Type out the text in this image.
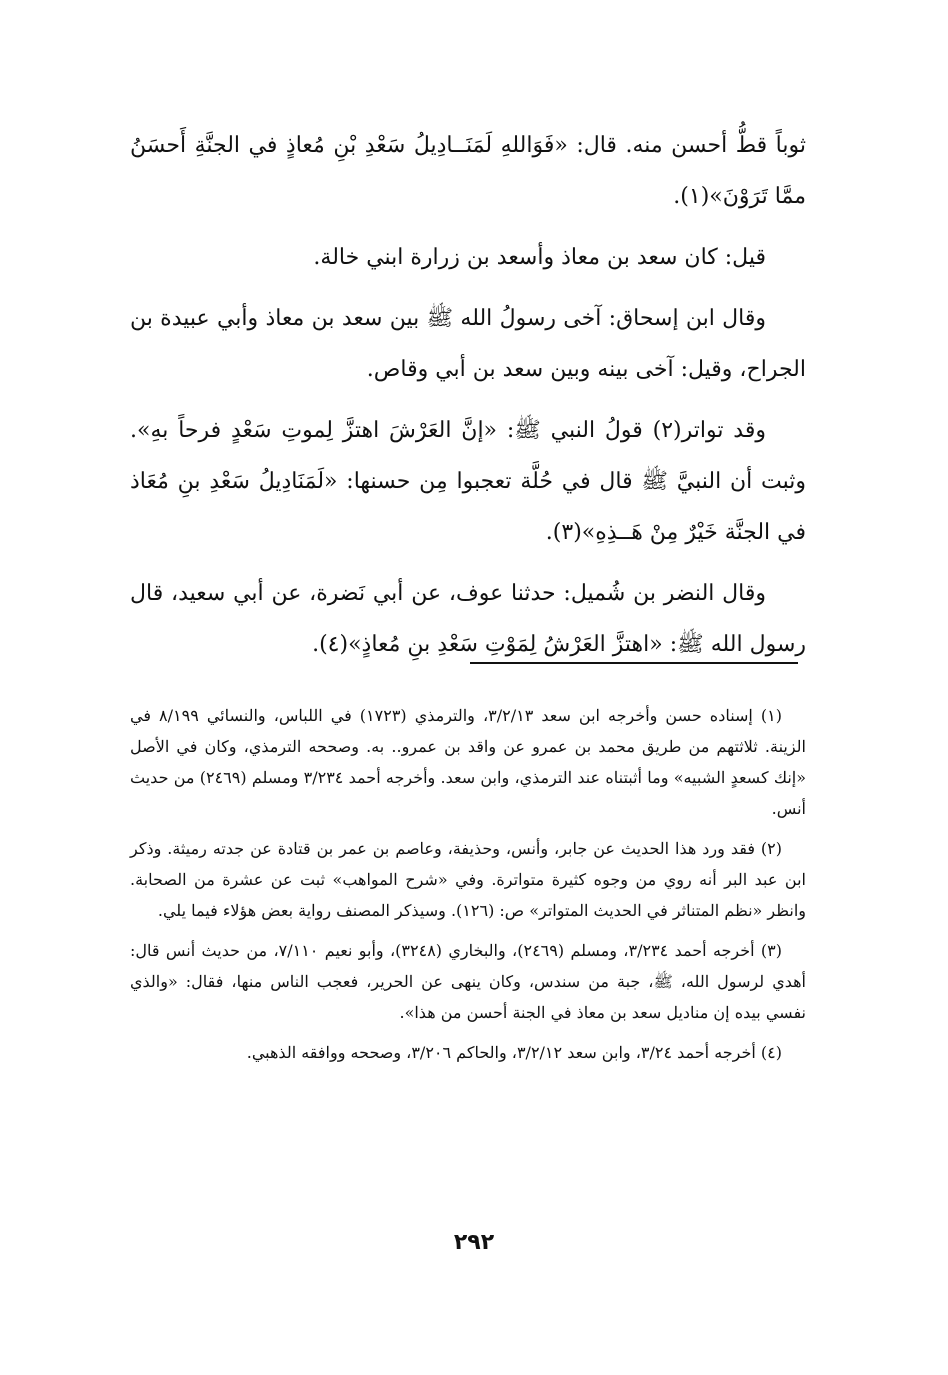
ثوباً قطُّ أحسن منه. قال: «فَوَاللهِ لَمَنَــادِيلُ سَعْدِ بْنِ مُعاذٍ في الجنَّةِ أَحسَنُ ممَّا تَرَوْنَ»(١).

قيل: كان سعد بن معاذ وأسعد بن زرارة ابني خالة.

وقال ابن إسحاق: آخى رسولُ الله ﷺ بين سعد بن معاذ وأبي عبيدة بن الجراح، وقيل: آخى بينه وبين سعد بن أبي وقاص.

وقد تواتر(٢) قولُ النبي ﷺ: «إنَّ العَرْشَ اهتزَّ لِموتِ سَعْدٍ فرحاً بهِ». وثبت أن النبيَّ ﷺ قال في حُلَّة تعجبوا مِن حسنها: «لَمَنَادِيلُ سَعْدِ بنِ مُعَاذ في الجنَّة خَيْرٌ مِنْ هَــذِهِ»(٣).

وقال النضر بن شُميل: حدثنا عوف، عن أبي نَضرة، عن أبي سعيد، قال رسول الله ﷺ: «اهتزَّ العَرْشُ لِمَوْتِ سَعْدِ بنِ مُعاذٍ»(٤).

(١) إسناده حسن وأخرجه ابن سعد ٣/٢/١٣، والترمذي (١٧٢٣) في اللباس، والنسائي ٨/١٩٩ في الزينة. ثلاثتهم من طريق محمد بن عمرو عن واقد بن عمرو.. به. وصححه الترمذي، وكان في الأصل «إنك كسعدٍ الشبيه» وما أثبتناه عند الترمذي، وابن سعد. وأخرجه أحمد ٣/٢٣٤ ومسلم (٢٤٦٩) من حديث أنس.

(٢) فقد ورد هذا الحديث عن جابر، وأنس، وحذيفة، وعاصم بن عمر بن قتادة عن جدته رميثة. وذكر ابن عبد البر أنه روي من وجوه كثيرة متواترة. وفي «شرح المواهب» ثبت عن عشرة من الصحابة. وانظر «نظم المتناثر في الحديث المتواتر» ص: (١٢٦). وسيذكر المصنف رواية بعض هؤلاء فيما يلي.

(٣) أخرجه أحمد ٣/٢٣٤، ومسلم (٢٤٦٩)، والبخاري (٣٢٤٨)، وأبو نعيم ٧/١١٠، من حديث أنس قال: أهدي لرسول الله، ﷺ، جبة من سندس، وكان ينهى عن الحرير، فعجب الناس منها، فقال: «والذي نفسي بيده إن مناديل سعد بن معاذ في الجنة أحسن من هذا».

(٤) أخرجه أحمد ٣/٢٤، وابن سعد ٣/٢/١٢، والحاكم ٣/٢٠٦، وصححه ووافقه الذهبي.

٢٩٢
